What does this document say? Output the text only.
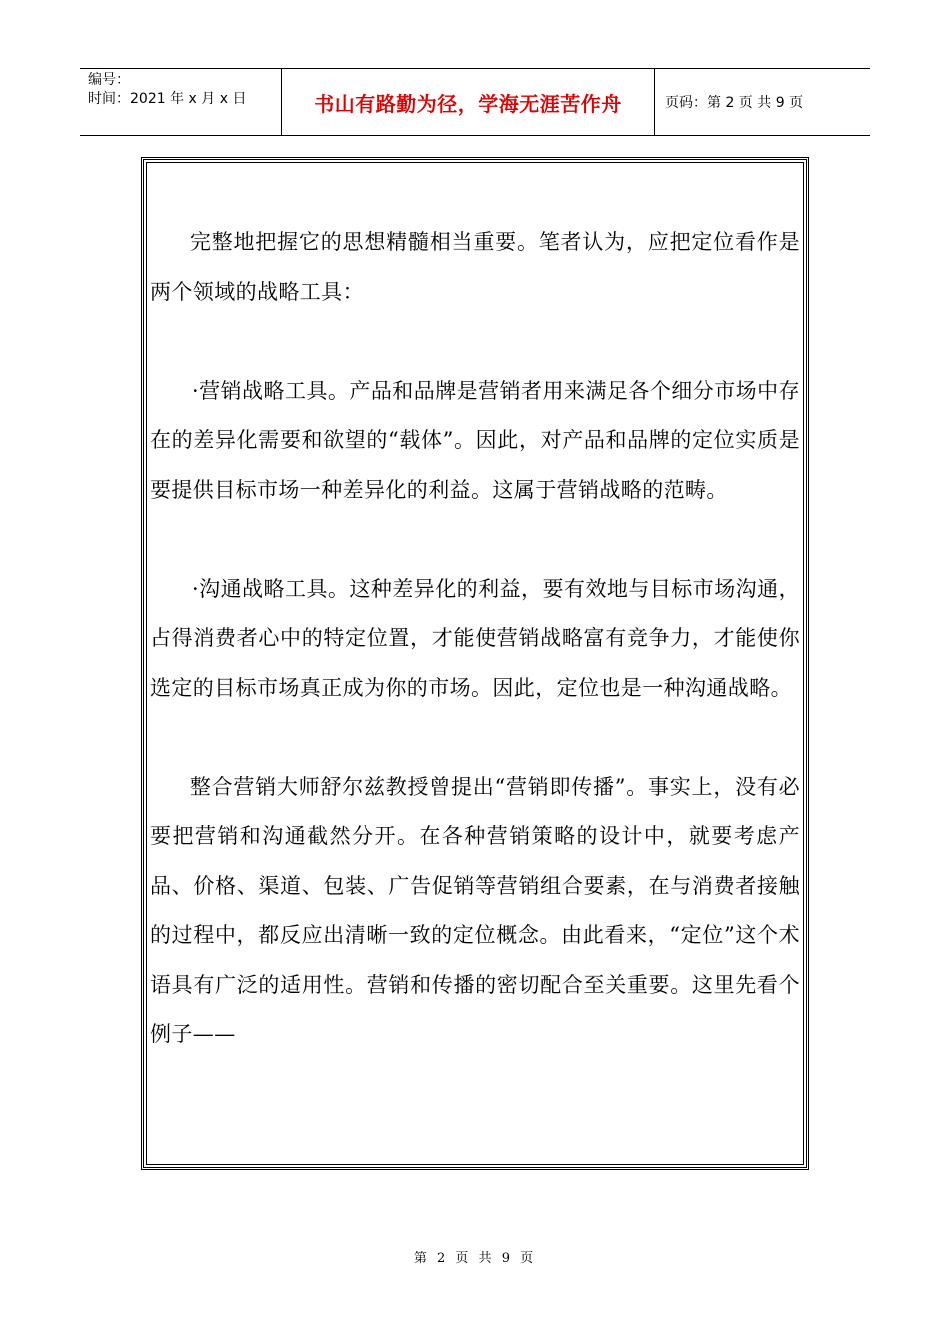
编号：
时间：2021 年 x 月 x 日	书山有路勤为径，学海无涯苦作舟	页码：第 2 页 共 9 页

完整地把握它的思想精髓相当重要。笔者认为，应把定位看作是两个领域的战略工具：

·营销战略工具。产品和品牌是营销者用来满足各个细分市场中存在的差异化需要和欲望的“载体”。因此，对产品和品牌的定位实质是要提供目标市场一种差异化的利益。这属于营销战略的范畴。

·沟通战略工具。这种差异化的利益，要有效地与目标市场沟通，占得消费者心中的特定位置，才能使营销战略富有竞争力，才能使你选定的目标市场真正成为你的市场。因此，定位也是一种沟通战略。

整合营销大师舒尔兹教授曾提出“营销即传播”。事实上，没有必要把营销和沟通截然分开。在各种营销策略的设计中，就要考虑产品、价格、渠道、包装、广告促销等营销组合要素，在与消费者接触的过程中，都反应出清晰一致的定位概念。由此看来，“定位”这个术语具有广泛的适用性。营销和传播的密切配合至关重要。这里先看个例子——

第 2 页 共 9 页
